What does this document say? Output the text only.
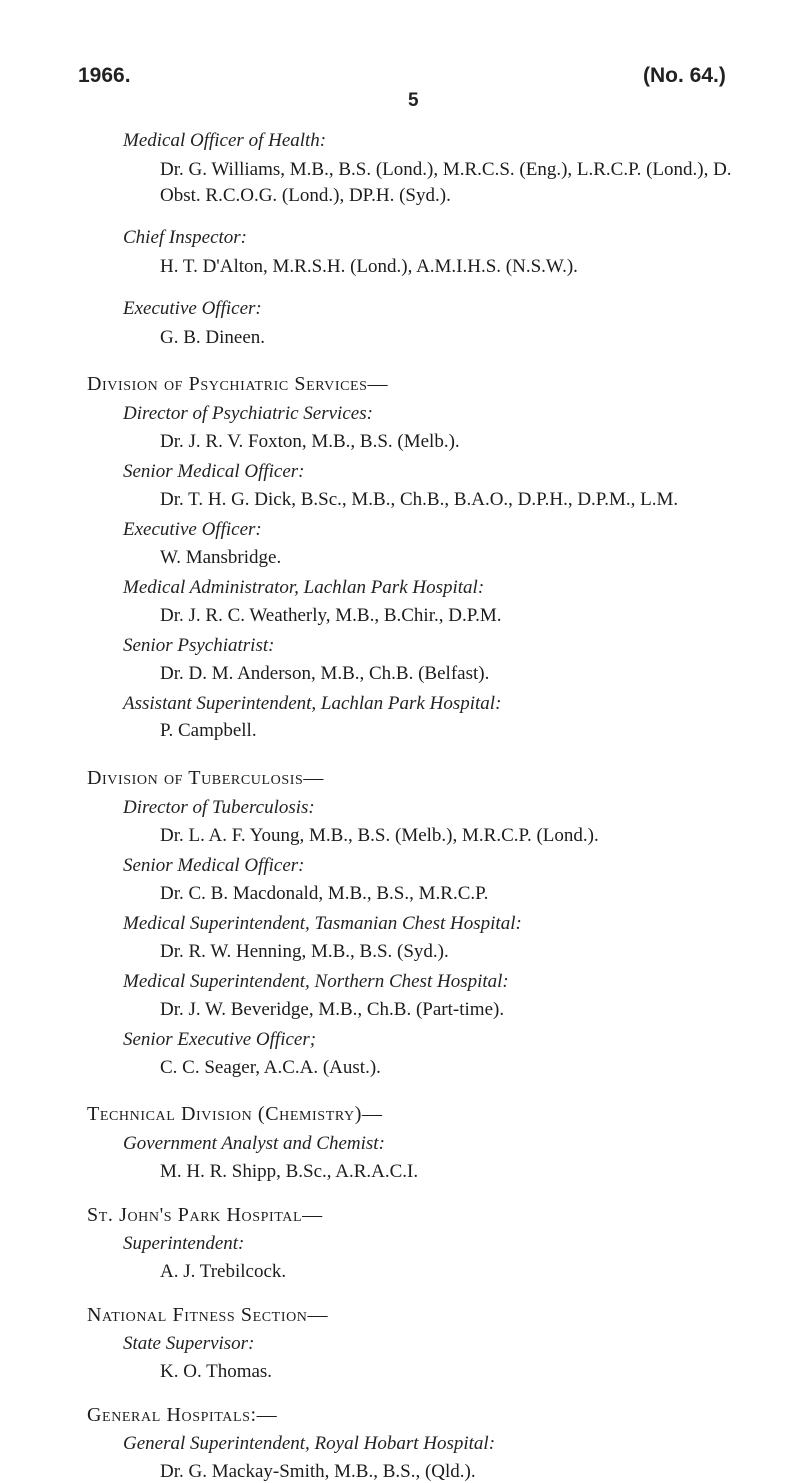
1966.	(No. 64.)
5
Medical Officer of Health:
Dr. G. Williams, M.B., B.S. (Lond.), M.R.C.S. (Eng.), L.R.C.P. (Lond.), D.
Obst. R.C.O.G. (Lond.), DP.H. (Syd.).
Chief Inspector:
H. T. D'Alton, M.R.S.H. (Lond.), A.M.I.H.S. (N.S.W.).
Executive Officer:
G. B. Dineen.
Division of Psychiatric Services—
Director of Psychiatric Services:
Dr. J. R. V. Foxton, M.B., B.S. (Melb.).
Senior Medical Officer:
Dr. T. H. G. Dick, B.Sc., M.B., Ch.B., B.A.O., D.P.H., D.P.M., L.M.
Executive Officer:
W. Mansbridge.
Medical Administrator, Lachlan Park Hospital:
Dr. J. R. C. Weatherly, M.B., B.Chir., D.P.M.
Senior Psychiatrist:
Dr. D. M. Anderson, M.B., Ch.B. (Belfast).
Assistant Superintendent, Lachlan Park Hospital:
P. Campbell.
Division of Tuberculosis—
Director of Tuberculosis:
Dr. L. A. F. Young, M.B., B.S. (Melb.), M.R.C.P. (Lond.).
Senior Medical Officer:
Dr. C. B. Macdonald, M.B., B.S., M.R.C.P.
Medical Superintendent, Tasmanian Chest Hospital:
Dr. R. W. Henning, M.B., B.S. (Syd.).
Medical Superintendent, Northern Chest Hospital:
Dr. J. W. Beveridge, M.B., Ch.B. (Part-time).
Senior Executive Officer;
C. C. Seager, A.C.A. (Aust.).
Technical Division (Chemistry)—
Government Analyst and Chemist:
M. H. R. Shipp, B.Sc., A.R.A.C.I.
St. John's Park Hospital—
Superintendent:
A. J. Trebilcock.
National Fitness Section—
State Supervisor:
K. O. Thomas.
General Hospitals:—
General Superintendent, Royal Hobart Hospital:
Dr. G. Mackay-Smith, M.B., B.S., (Qld.).
